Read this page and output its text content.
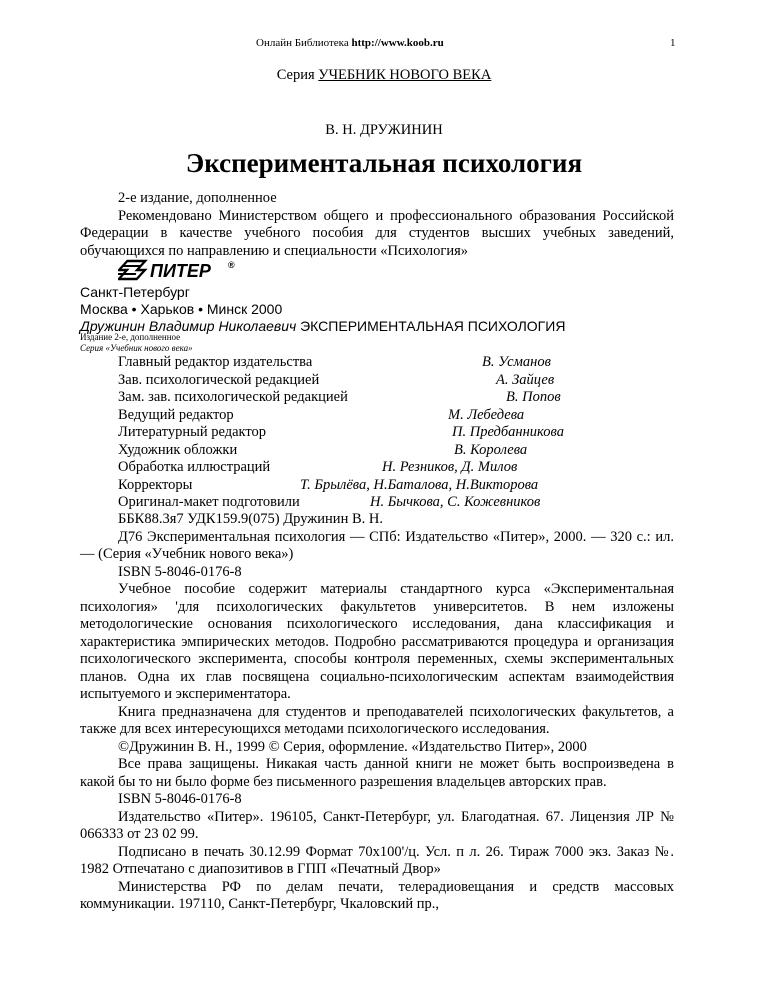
Онлайн Библиотека http://www.koob.ru	1
Серия УЧЕБНИК НОВОГО ВЕКА
В. Н. ДРУЖИНИН
Экспериментальная психология

2-е издание, дополненное

Рекомендовано Министерством общего и профессионального образования Российской Федерации в качестве учебного пособия для студентов высших учебных заведений, обучающихся по направлению и специальности «Психология»

ПИТЕР ®

Санкт-Петербург

Москва • Харьков • Минск 2000

Дружинин Владимир Николаевич ЭКСПЕРИМЕНТАЛЬНАЯ ПСИХОЛОГИЯ

Издание 2-е, дополненное

Серия «Учебник нового века»

Главный редактор издательства	В. Усманов
Зав. психологической редакцией	А. Зайцев
Зам. зав. психологической редакцией	В. Попов
Ведущий редактор	М. Лебедева
Литературный редактор	П. Предбанникова
Художник обложки	В. Королева
Обработка иллюстраций	Н. Резников, Д. Милов
Корректоры	Т. Брылёва, Н.Баталова, Н.Викторова
Оригинал-макет подготовили	Н. Бычкова, С. Кожевников

ББК88.3я7 УДК159.9(075) Дружинин В. Н.

Д76 Экспериментальная психология — СПб: Издательство «Питер», 2000. — 320 с.: ил. — (Серия «Учебник нового века»)

ISBN 5-8046-0176-8

Учебное пособие содержит материалы стандартного курса «Экспериментальная психология» 'для психологических факультетов университетов. В нем изложены методологические основания психологического исследования, дана классификация и характеристика эмпирических методов. Подробно рассматриваются процедура и организация психологического эксперимента, способы контроля переменных, схемы экспериментальных планов. Одна их глав посвящена социально-психологическим аспектам взаимодействия испытуемого и экспериментатора.

Книга предназначена для студентов и преподавателей психологических факультетов, а также для всех интересующихся методами психологического исследования.

©Дружинин В. Н., 1999 © Серия, оформление. «Издательство Питер», 2000

Все права защищены. Никакая часть данной книги не может быть воспроизведена в какой бы то ни было форме без письменного разрешения владельцев авторских прав.

ISBN 5-8046-0176-8

Издательство «Питер». 196105, Санкт-Петербург, ул. Благодатная. 67. Лицензия ЛР № 066333 от 23 02 99.

Подписано в печать 30.12.99 Формат 70x100'/ц. Усл. п л. 26. Тираж 7000 экз. Заказ №. 1982 Отпечатано с диапозитивов в ГПП «Печатный Двор»

Министерства РФ по делам печати, телерадиовещания и средств массовых коммуникации. 197110, Санкт-Петербург, Чкаловский пр.,
